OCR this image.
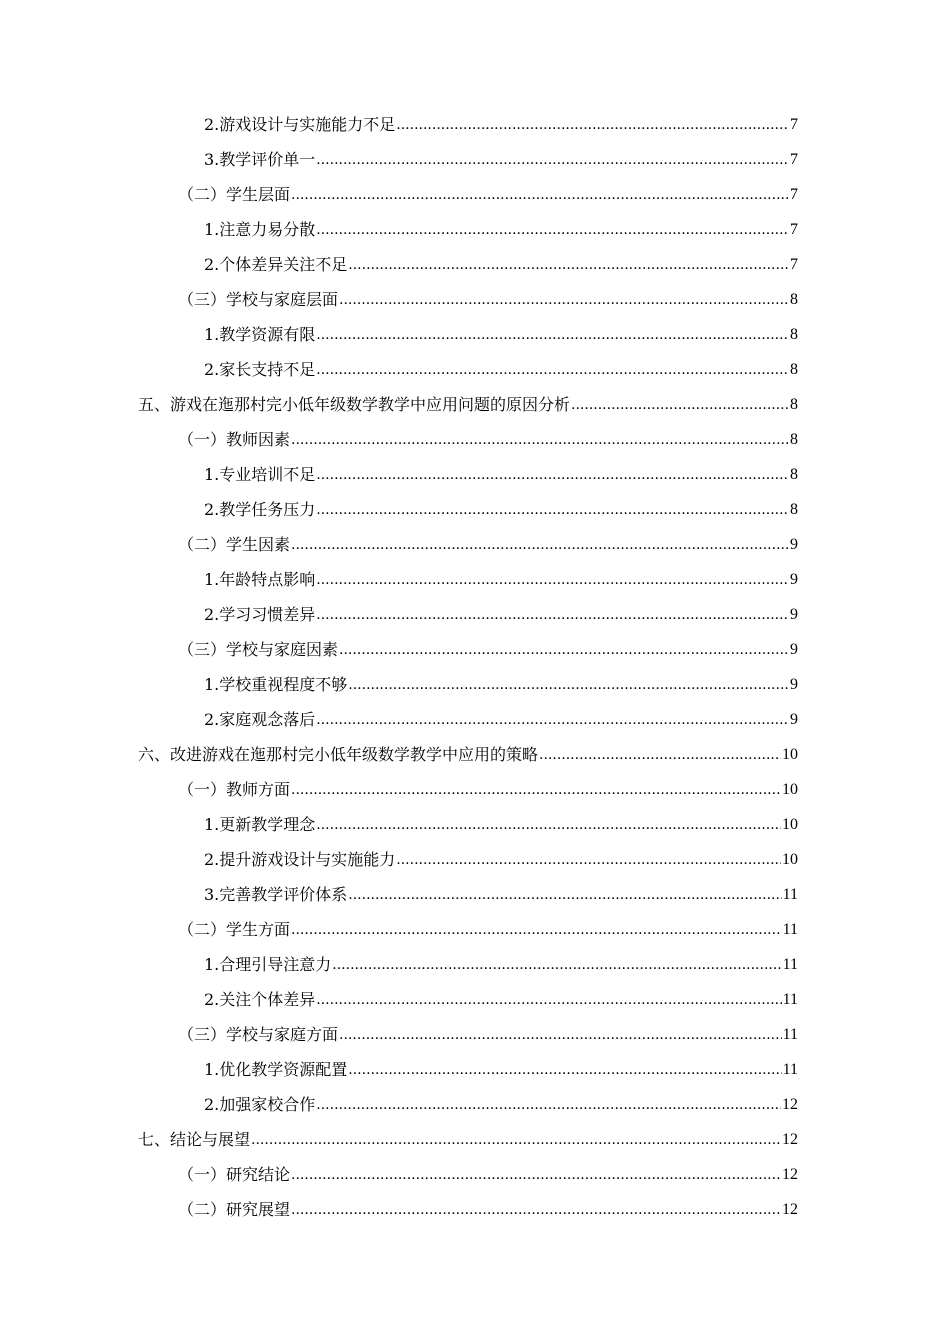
2.游戏设计与实施能力不足 .....	7
3.教学评价单一 .....	7
（二）学生层面 .....	7
1.注意力易分散 .....	7
2.个体差异关注不足 .....	7
（三）学校与家庭层面 .....	8
1.教学资源有限 .....	8
2.家长支持不足 .....	8
五、游戏在迤那村完小低年级数学教学中应用问题的原因分析 .....	8
（一）教师因素 .....	8
1.专业培训不足 .....	8
2.教学任务压力 .....	8
（二）学生因素 .....	9
1.年龄特点影响 .....	9
2.学习习惯差异 .....	9
（三）学校与家庭因素 .....	9
1.学校重视程度不够 .....	9
2.家庭观念落后 .....	9
六、改进游戏在迤那村完小低年级数学教学中应用的策略 .....	10
（一）教师方面 .....	10
1.更新教学理念 .....	10
2.提升游戏设计与实施能力 .....	10
3.完善教学评价体系 .....	11
（二）学生方面 .....	11
1.合理引导注意力 .....	11
2.关注个体差异 .....	11
（三）学校与家庭方面 .....	11
1.优化教学资源配置 .....	11
2.加强家校合作 .....	12
七、结论与展望 .....	12
（一）研究结论 .....	12
（二）研究展望 .....	12
